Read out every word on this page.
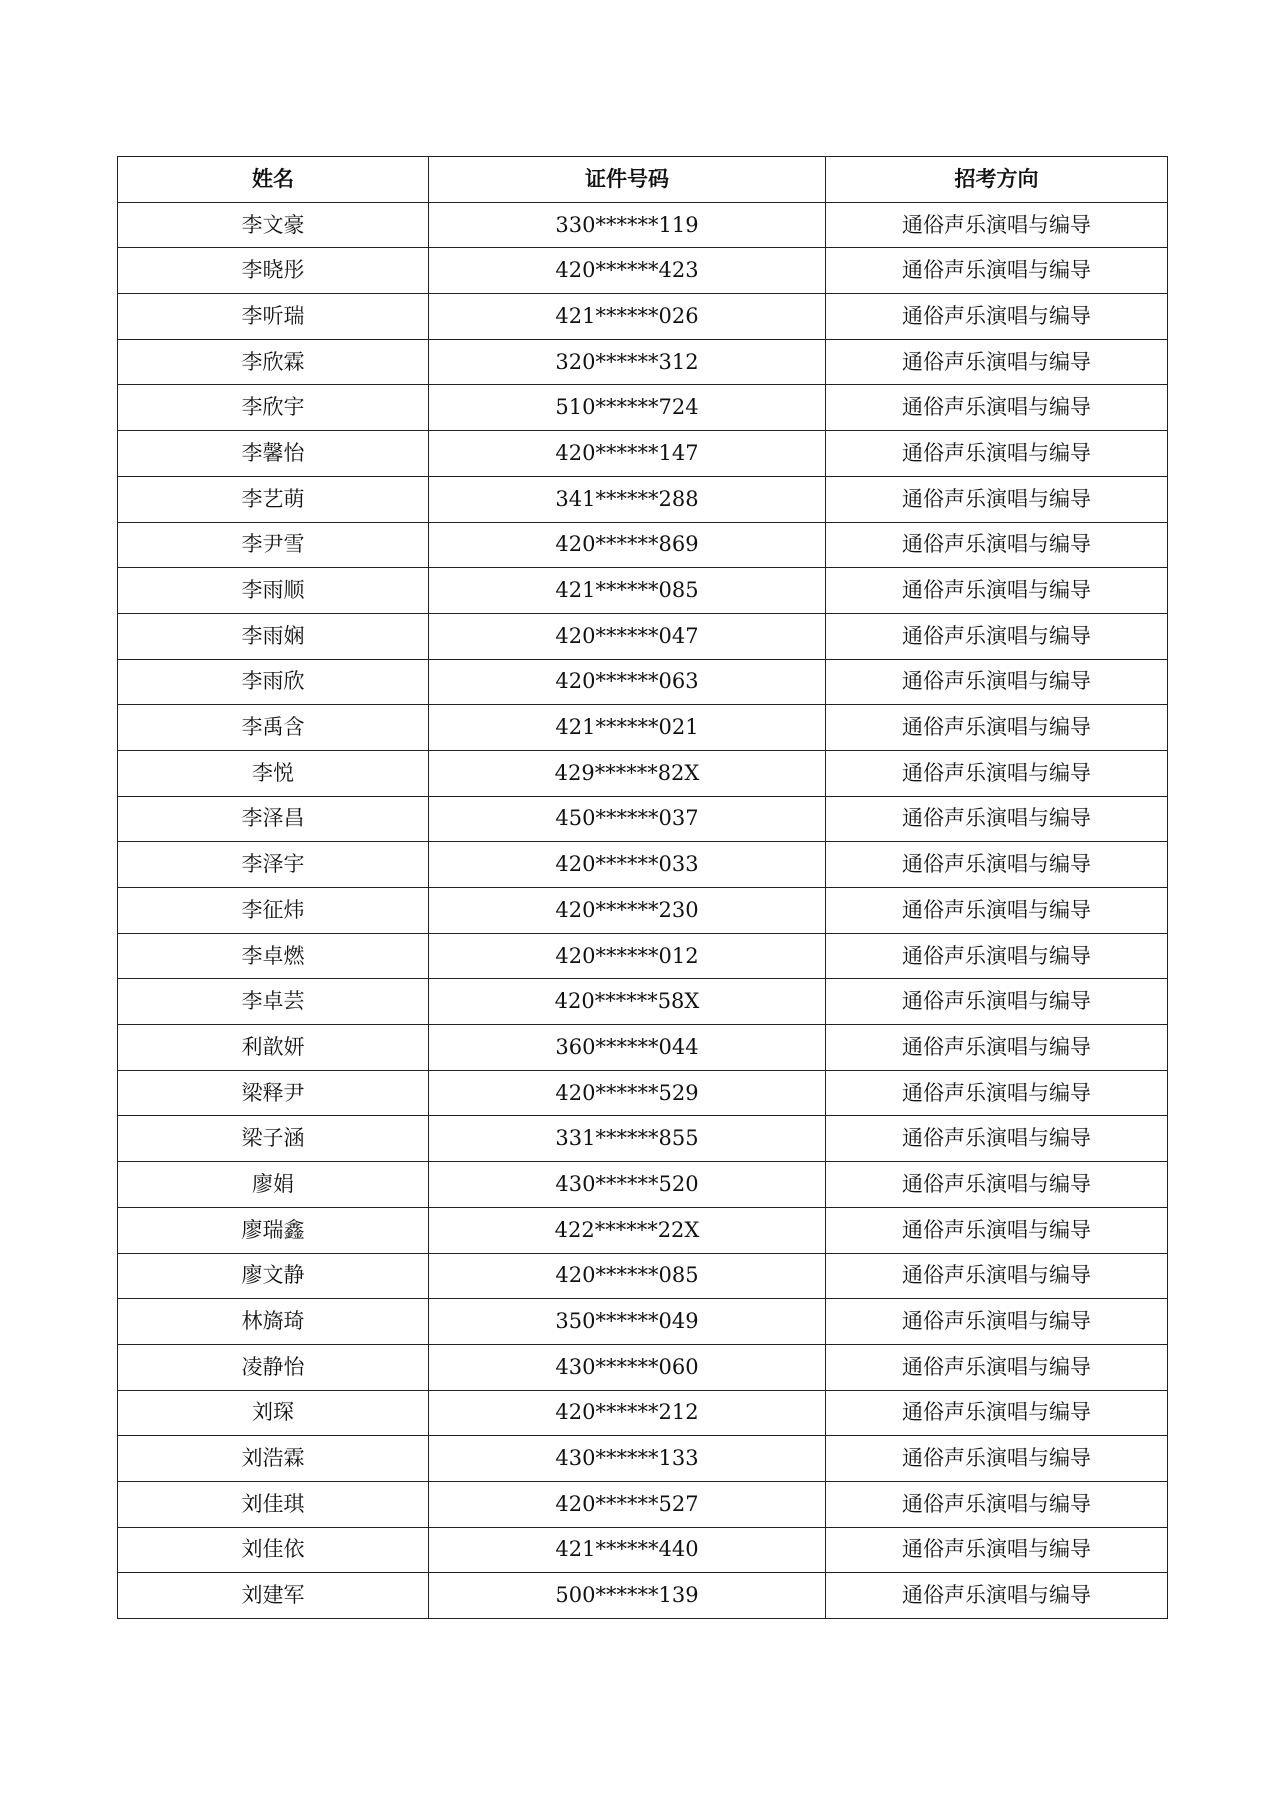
姓名	证件号码	招考方向
李文豪	330******119	通俗声乐演唱与编导
李晓彤	420******423	通俗声乐演唱与编导
李听瑞	421******026	通俗声乐演唱与编导
李欣霖	320******312	通俗声乐演唱与编导
李欣宇	510******724	通俗声乐演唱与编导
李馨怡	420******147	通俗声乐演唱与编导
李艺萌	341******288	通俗声乐演唱与编导
李尹雪	420******869	通俗声乐演唱与编导
李雨顺	421******085	通俗声乐演唱与编导
李雨娴	420******047	通俗声乐演唱与编导
李雨欣	420******063	通俗声乐演唱与编导
李禹含	421******021	通俗声乐演唱与编导
李悦	429******82X	通俗声乐演唱与编导
李泽昌	450******037	通俗声乐演唱与编导
李泽宇	420******033	通俗声乐演唱与编导
李征炜	420******230	通俗声乐演唱与编导
李卓燃	420******012	通俗声乐演唱与编导
李卓芸	420******58X	通俗声乐演唱与编导
利歆妍	360******044	通俗声乐演唱与编导
梁释尹	420******529	通俗声乐演唱与编导
梁子涵	331******855	通俗声乐演唱与编导
廖娟	430******520	通俗声乐演唱与编导
廖瑞鑫	422******22X	通俗声乐演唱与编导
廖文静	420******085	通俗声乐演唱与编导
林旖琦	350******049	通俗声乐演唱与编导
凌静怡	430******060	通俗声乐演唱与编导
刘琛	420******212	通俗声乐演唱与编导
刘浩霖	430******133	通俗声乐演唱与编导
刘佳琪	420******527	通俗声乐演唱与编导
刘佳依	421******440	通俗声乐演唱与编导
刘建军	500******139	通俗声乐演唱与编导
